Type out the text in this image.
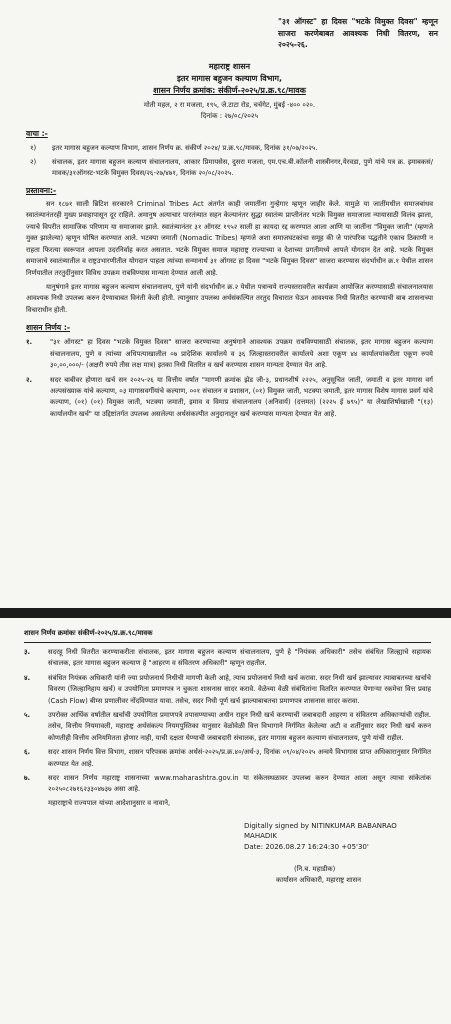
"३१ ऑगस्ट" हा दिवस "भटके विमुक्त दिवस" म्हणून साजरा करणेबाबत आवश्यक निधी वितरण, सन २०२५-२६.
महाराष्ट्र शासन
इतर मागास बहुजन कल्याण विभाग,
शासन निर्णय क्रमांक: संकीर्ण-२०२५/प्र.क्र.९८/मावक
मोती महल, २ रा मजला, १९५, जे.टाटा रोड, चर्चगेट, मुंबई -४०० ०२०.
दिनांक : २७/०८/२०२५
वाचा :-
१)	इतर मागास बहुजन कल्याण विभाग, शासन निर्णय क्र. संकीर्ण २०२४/ प्र.क्र.९८/मावक, दिनांक ३१/०७/२०२५.
२)	संचालक, इतर मागास बहुजन कल्याण संचालनालय, आकार प्रिमायसेस, दुसरा मजला, एम.एच.बी.कॉलनी शास्त्रीनगर,येरवडा, पुणे यांचे पत्र क्र. इमाबकसं/मावक/३१ऑगस्ट-भटके विमुक्त दिवस/२६-२७/४७१, दिनांक २०/०८/२०२५.
प्रस्तावना:-
सन १८७१ साली ब्रिटिश सरकारने Criminal Tribes Act अंतर्गत काही जमातींना गुन्हेगार म्हणून जाहीर केले. यामुळे या जातींमधील समाजबांधव स्वातंत्र्यानंतरही मुख्य प्रवाहापासून दूर राहिले. अमानुष अत्याचार पारतंत्र्यात सहन केल्यानंतर सुद्धा स्वातंत्र्य प्राप्तीनंतर भटके विमुक्त समाजाला न्यायासाठी विलंब झाला, ज्याचे विपरीत सामाजिक परिणाम या समाजावर झाले. स्वातंत्र्यानंतर ३१ ऑगस्ट १९५२ साली हा कायदा रद्द करण्यात आला आणि या जातींना "विमुक्त जाती" (म्हणजे मुक्त झालेल्या) म्हणून घोषित करण्यात आले. भटक्या जमाती (Nomadic Tribes) म्हणजे अशा समाजघटकांचा समूह की जे पारंपरिक पद्धतीने एकाच ठिकाणी न राहता फिरत्या स्वरूपात आपला उदरनिर्वाह करत असतात. भटके विमुक्त समाज महाराष्ट्र राज्याच्या व देशाच्या प्रगतीमध्ये आपले योगदान देत आहे. भटके विमुक्त समाजाचे स्वातंत्र्यातील व राष्ट्रउभारणीतील योगदान पाहता त्यांच्या सन्मानार्थ ३१ ऑगस्ट हा दिवस "भटके विमुक्त दिवस" साजरा करण्यास संदर्भाधीन क्र.१ येथील शासन निर्णयातील तरतुदींनुसार विविध उपक्रम राबविण्यास मान्यता देण्यात आली आहे.
यानुषंगाने इतर मागास बहुजन कल्याण संचालनालय, पुणे यांनी संदर्भाधीन क्र.२ येथील पत्रान्वये राज्यस्तरावरील कार्यक्रम आयोजित करण्यासाठी संचालनालयास आवश्यक निधी उपलब्ध करुन देण्याबाबत विनंती केली होती. त्यानुसार उपलब्ध अर्थसंकल्पित तरतुद विचारात घेऊन आवश्यक निधी वितरीत करण्याची बाब शासनाच्या विचाराधीन होती.
शासन निर्णय :-
१.	"३१ ऑगस्ट" हा दिवस "भटके विमुक्त दिवस" साजरा करण्याच्या अनुषंगाने आवश्यक उपक्रम राबविण्यासाठी संचालक, इतर मागास बहुजन कल्याण संचालनालय, पुणे व त्यांच्या अधिपत्याखालील ०७ प्रादेशिक कार्यालये व ३६ जिल्हास्तरावरील कार्यालये अशा एकूण ४४ कार्यालयांकरीता एकूण रुपये ३०,००,०००/- (अक्षरी रुपये तीस लक्ष मात्र) इतका निधी वितरित व खर्च करण्यास शासन मान्यता देण्यात येत आहे.
२.	सदर बाबीवर होणारा खर्च सन २०२५-२६ या वित्तीय वर्षात "मागणी क्रमांक झेड जी-३, प्रधानशीर्ष २२२५, अनुसूचित जाती, जमाती व इतर मागास वर्ग अल्पसंख्याक यांचे कल्याण, ०३ मागासवर्गीयांचे कल्याण, ००१ संचालन व प्रशासन, (०१) विमुक्त जाती, भटक्या जमाती, इतर मागास विशेष मागास प्रवर्ग यांचे कल्याण, (०१) (०१) विमुक्त जाती, भटक्या जमाती, इमाव व विमाप्र संचालनालय (अनिवार्य) (दत्तमत) (२२२५ ई ७९५)" या लेखाशिर्षाखाली "(१३) कार्यालयीन खर्च" या उद्दिष्टांतर्गत उपलब्ध असलेल्या अर्थसंकल्पीत अनुदानातून खर्च करण्यास मान्यता देण्यात येत आहे.
शासन निर्णय क्रमांकः संकीर्ण-२०२५/प्र.क्र.९८/मावक
३.	सदरहू निधी वितरीत करण्याकरीता संचालक, इतर मागास बहुजन कल्याण संचालनालय, पुणे हे "नियंत्रक अधिकारी" तसेच संबंधित जिल्ह्याचे सहायक संचालक, इतर मागास बहुजन कल्याण हे "आहरण व संवितरण अधिकारी" म्हणून राहतील.
४.	संबंधित नियंत्रक अधिकारी यांनी ज्या प्रयोजनार्थ निधीची मागणी केली आहे, त्याच प्रयोजनार्थ निधी खर्च करावा. सदर निधी खर्च झाल्यावर त्याबाबतच्या खर्चाचे विवरण (जिल्हानिहाय खर्च) व उपयोगिता प्रमाणपत्र न चुकता शासनास सादर करावे. वेळेच्या वेळी संबंधितांना वितरित करण्यात येणाऱ्या रकमेचा वित्त प्रवाह (Cash Flow) बीम्स प्रणालीवर नोंदविण्यात यावा. तसेच, सदर निधी पूर्ण खर्च झाल्याबाबतचा प्रमाणपत्र शासनास सादर करावा.
५.	उपरोक्त आर्थिक वर्षातील खर्चाची उपयोगिता प्रमाणपत्रे तपासण्याच्या अधीन राहून निधी खर्च करण्याची जबाबदारी आहरण व संवितरण अधिकाऱ्यांची राहील. तसेच, वित्तीय नियमावली, महाराष्ट्र अर्थसंकल्प नियमपुस्तिका यानुसार वेळोवेळी वित्त विभागाने निर्गमित केलेल्या अटी व शर्तीनुसार सदर निधी खर्च करुन कोणतीही वित्तीय अनियमितता होणार नाही, याची दक्षता घेण्याची जबाबदारी संचालक, इतर मागास बहुजन कल्याण संचालनालय, पुणे यांची राहील.
६.	सदर शासन निर्णय वित्त विभाग, शासन परिपत्रक क्रमांक अर्थसं-२०२५/प्र.क्र.४०/अर्थ-३, दिनांक ०९/०४/२०२५ अन्वये विभागास प्राप्त अधिकारानुसार निर्गमित करण्यात येत आहे.
७.	सदर शासन निर्णय महाराष्ट्र शासनाच्या www.maharashtra.gov.in या संकेतस्थळावर उपलब्ध करुन देण्यात आला असून त्याचा सांकेतांक २०२५०८२७१६२३३०४७३७ असा आहे.
महाराष्ट्राचे राज्यपाल यांच्या आदेशानुसार व नावाने,
Digitally signed by NITINKUMAR BABANRAO
MAHADIK
Date: 2026.08.27 16:24:30 +05'30'
(नि.ब. महाडीक)
कार्यासन अधिकारी, महाराष्ट्र शासन
